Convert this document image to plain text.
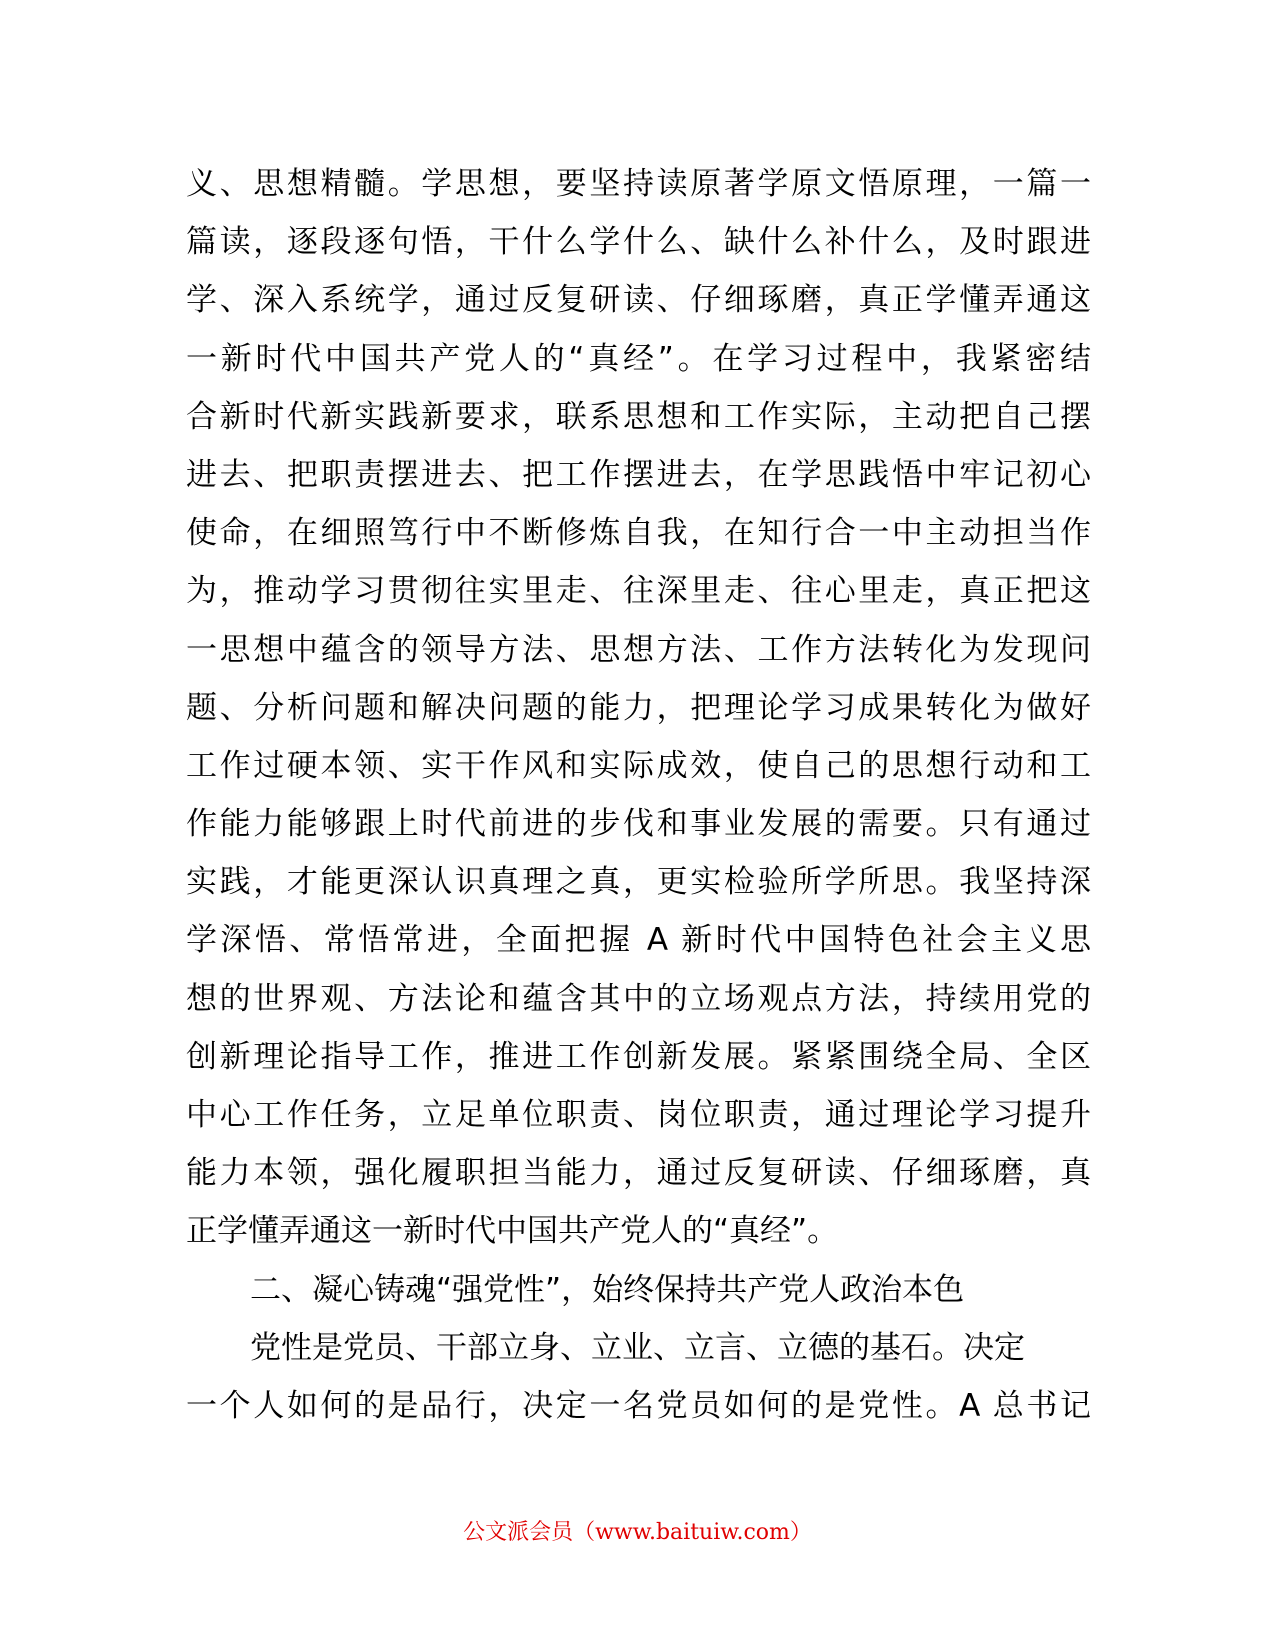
义、思想精髓。学思想，要坚持读原著学原文悟原理，一篇一
篇读，逐段逐句悟，干什么学什么、缺什么补什么，及时跟进
学、深入系统学，通过反复研读、仔细琢磨，真正学懂弄通这
一新时代中国共产党人的“真经”。在学习过程中，我紧密结
合新时代新实践新要求，联系思想和工作实际，主动把自己摆
进去、把职责摆进去、把工作摆进去，在学思践悟中牢记初心
使命，在细照笃行中不断修炼自我，在知行合一中主动担当作
为，推动学习贯彻往实里走、往深里走、往心里走，真正把这
一思想中蕴含的领导方法、思想方法、工作方法转化为发现问
题、分析问题和解决问题的能力，把理论学习成果转化为做好
工作过硬本领、实干作风和实际成效，使自己的思想行动和工
作能力能够跟上时代前进的步伐和事业发展的需要。只有通过
实践，才能更深认识真理之真，更实检验所学所思。我坚持深
学深悟、常悟常进，全面把握 A 新时代中国特色社会主义思
想的世界观、方法论和蕴含其中的立场观点方法，持续用党的
创新理论指导工作，推进工作创新发展。紧紧围绕全局、全区
中心工作任务，立足单位职责、岗位职责，通过理论学习提升
能力本领，强化履职担当能力，通过反复研读、仔细琢磨，真
正学懂弄通这一新时代中国共产党人的“真经”。
二、凝心铸魂“强党性”，始终保持共产党人政治本色
党性是党员、干部立身、立业、立言、立德的基石。决定
一个人如何的是品行，决定一名党员如何的是党性。A 总书记
公文派会员（www.baituiw.com）
